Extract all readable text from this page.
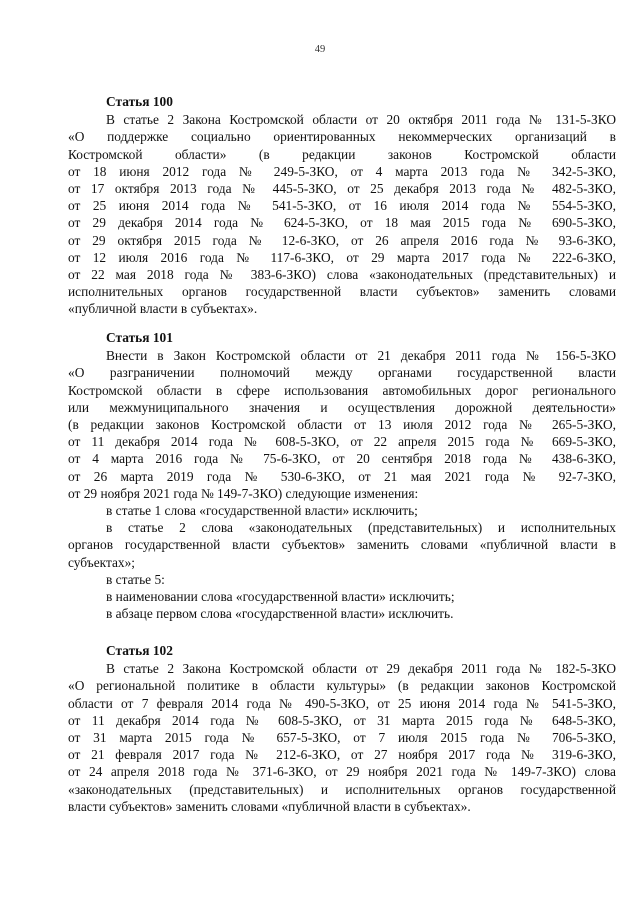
49
Статья 100
В статье 2 Закона Костромской области от 20 октября 2011 года № 131-5-ЗКО
«О поддержке социально ориентированных некоммерческих организаций в
Костромской области» (в редакции законов Костромской области
от 18 июня 2012 года № 249-5-ЗКО, от 4 марта 2013 года № 342-5-ЗКО,
от 17 октября 2013 года № 445-5-ЗКО, от 25 декабря 2013 года № 482-5-ЗКО,
от 25 июня 2014 года № 541-5-ЗКО, от 16 июля 2014 года № 554-5-ЗКО,
от 29 декабря 2014 года № 624-5-ЗКО, от 18 мая 2015 года № 690-5-ЗКО,
от 29 октября 2015 года № 12-6-ЗКО, от 26 апреля 2016 года № 93-6-ЗКО,
от 12 июля 2016 года № 117-6-ЗКО, от 29 марта 2017 года № 222-6-ЗКО,
от 22 мая 2018 года № 383-6-ЗКО) слова «законодательных (представительных) и
исполнительных органов государственной власти субъектов» заменить словами
«публичной власти в субъектах».
Статья 101
Внести в Закон Костромской области от 21 декабря 2011 года № 156-5-ЗКО
«О разграничении полномочий между органами государственной власти
Костромской области в сфере использования автомобильных дорог регионального
или межмуниципального значения и осуществления дорожной деятельности»
(в редакции законов Костромской области от 13 июля 2012 года № 265-5-ЗКО,
от 11 декабря 2014 года № 608-5-ЗКО, от 22 апреля 2015 года № 669-5-ЗКО,
от 4 марта 2016 года № 75-6-ЗКО, от 20 сентября 2018 года № 438-6-ЗКО,
от 26 марта 2019 года № 530-6-ЗКО, от 21 мая 2021 года № 92-7-ЗКО,
от 29 ноября 2021 года № 149-7-ЗКО) следующие изменения:
в статье 1 слова «государственной власти» исключить;
в статье 2 слова «законодательных (представительных) и исполнительных
органов государственной власти субъектов» заменить словами «публичной власти в
субъектах»;
в статье 5:
в наименовании слова «государственной власти» исключить;
в абзаце первом слова «государственной власти» исключить.
Статья 102
В статье 2 Закона Костромской области от 29 декабря 2011 года № 182-5-ЗКО
«О региональной политике в области культуры» (в редакции законов Костромской
области от 7 февраля 2014 года № 490-5-ЗКО, от 25 июня 2014 года № 541-5-ЗКО,
от 11 декабря 2014 года № 608-5-ЗКО, от 31 марта 2015 года № 648-5-ЗКО,
от 31 марта 2015 года № 657-5-ЗКО, от 7 июля 2015 года № 706-5-ЗКО,
от 21 февраля 2017 года № 212-6-ЗКО, от 27 ноября 2017 года № 319-6-ЗКО,
от 24 апреля 2018 года № 371-6-ЗКО, от 29 ноября 2021 года № 149-7-ЗКО) слова
«законодательных (представительных) и исполнительных органов государственной
власти субъектов» заменить словами «публичной власти в субъектах».
